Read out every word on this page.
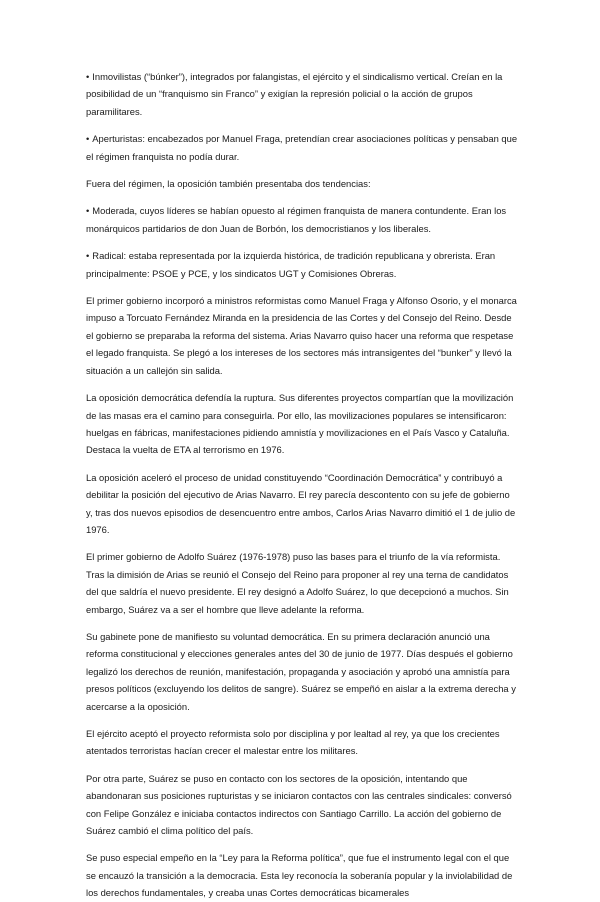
• Inmovilistas (“búnker”), integrados por falangistas, el ejército y el sindicalismo vertical. Creían en la posibilidad de un “franquismo sin Franco” y exigían la represión policial o la acción de grupos paramilitares.

• Aperturistas: encabezados por Manuel Fraga, pretendían crear asociaciones políticas y pensaban que el régimen franquista no podía durar.

Fuera del régimen, la oposición también presentaba dos tendencias:

• Moderada, cuyos líderes se habían opuesto al régimen franquista de manera contundente. Eran los monárquicos partidarios de don Juan de Borbón, los democristianos y los liberales.

• Radical: estaba representada por la izquierda histórica, de tradición republicana y obrerista. Eran principalmente: PSOE y PCE, y los sindicatos UGT y Comisiones Obreras.

El primer gobierno incorporó a ministros reformistas como Manuel Fraga y Alfonso Osorio, y el monarca impuso a Torcuato Fernández Miranda en la presidencia de las Cortes y del Consejo del Reino. Desde el gobierno se preparaba la reforma del sistema. Arias Navarro quiso hacer una reforma que respetase el legado franquista. Se plegó a los intereses de los sectores más intransigentes del “bunker” y llevó la situación a un callejón sin salida.

La oposición democrática defendía la ruptura. Sus diferentes proyectos compartían que la movilización de las masas era el camino para conseguirla. Por ello, las movilizaciones populares se intensificaron: huelgas en fábricas, manifestaciones pidiendo amnistía y movilizaciones en el País Vasco y Cataluña. Destaca la vuelta de ETA al terrorismo en 1976.

La oposición aceleró el proceso de unidad constituyendo “Coordinación Democrática” y contribuyó a debilitar la posición del ejecutivo de Arias Navarro. El rey parecía descontento con su jefe de gobierno y, tras dos nuevos episodios de desencuentro entre ambos, Carlos Arias Navarro dimitió el 1 de julio de 1976.

El primer gobierno de Adolfo Suárez (1976-1978) puso las bases para el triunfo de la vía reformista. Tras la dimisión de Arias se reunió el Consejo del Reino para proponer al rey una terna de candidatos del que saldría el nuevo presidente. El rey designó a Adolfo Suárez, lo que decepcionó a muchos. Sin embargo, Suárez va a ser el hombre que lleve adelante la reforma.

Su gabinete pone de manifiesto su voluntad democrática. En su primera declaración anunció una reforma constitucional y elecciones generales antes del 30 de junio de 1977. Días después el gobierno legalizó los derechos de reunión, manifestación, propaganda y asociación y aprobó una amnistía para presos políticos (excluyendo los delitos de sangre). Suárez se empeñó en aislar a la extrema derecha y acercarse a la oposición.

El ejército aceptó el proyecto reformista solo por disciplina y por lealtad al rey, ya que los crecientes atentados terroristas hacían crecer el malestar entre los militares.

Por otra parte, Suárez se puso en contacto con los sectores de la oposición, intentando que abandonaran sus posiciones rupturistas y se iniciaron contactos con las centrales sindicales: conversó con Felipe González e iniciaba contactos indirectos con Santiago Carrillo. La acción del gobierno de Suárez cambió el clima político del país.

Se puso especial empeño en la “Ley para la Reforma política”, que fue el instrumento legal con el que se encauzó la transición a la democracia. Esta ley reconocía la soberanía popular y la inviolabilidad de los derechos fundamentales, y creaba unas Cortes democráticas bicamerales
